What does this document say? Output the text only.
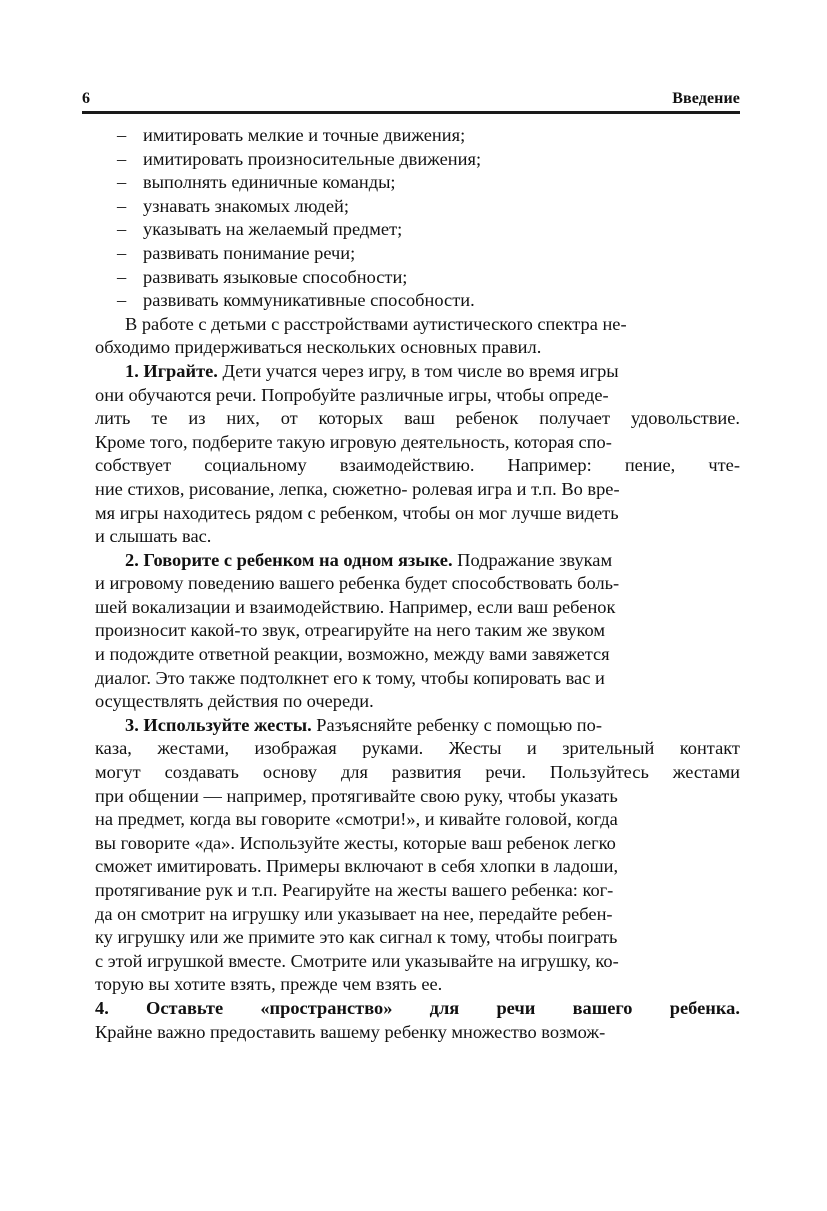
6	Введение
– имитировать мелкие и точные движения;
– имитировать произносительные движения;
– выполнять единичные команды;
– узнавать знакомых людей;
– указывать на желаемый предмет;
– развивать понимание речи;
– развивать языковые способности;
– развивать коммуникативные способности.
В работе с детьми с расстройствами аутистического спектра не-
обходимо придерживаться нескольких основных правил.
1. Играйте. Дети учатся через игру, в том числе во время игры
они обучаются речи. Попробуйте различные игры, чтобы опреде-
лить те из них, от которых ваш ребенок получает удовольствие.
Кроме того, подберите такую игровую деятельность, которая спо-
собствует социальному взаимодействию. Например: пение, чте-
ние стихов, рисование, лепка, сюжетно- ролевая игра и т.п. Во вре-
мя игры находитесь рядом с ребенком, чтобы он мог лучше видеть
и слышать вас.
2. Говорите с ребенком на одном языке. Подражание звукам
и игровому поведению вашего ребенка будет способствовать боль-
шей вокализации и взаимодействию. Например, если ваш ребенок
произносит какой-то звук, отреагируйте на него таким же звуком
и подождите ответной реакции, возможно, между вами завяжется
диалог. Это также подтолкнет его к тому, чтобы копировать вас и
осуществлять действия по очереди.
3. Используйте жесты. Разъясняйте ребенку с помощью по-
каза, жестами, изображая руками. Жесты и зрительный контакт
могут создавать основу для развития речи. Пользуйтесь жестами
при общении — например, протягивайте свою руку, чтобы указать
на предмет, когда вы говорите «смотри!», и кивайте головой, когда
вы говорите «да». Используйте жесты, которые ваш ребенок легко
сможет имитировать. Примеры включают в себя хлопки в ладоши,
протягивание рук и т.п. Реагируйте на жесты вашего ребенка: ког-
да он смотрит на игрушку или указывает на нее, передайте ребен-
ку игрушку или же примите это как сигнал к тому, чтобы поиграть
с этой игрушкой вместе. Смотрите или указывайте на игрушку, ко-
торую вы хотите взять, прежде чем взять ее.
4. Оставьте «пространство» для речи вашего ребенка.
Крайне важно предоставить вашему ребенку множество возмож-
